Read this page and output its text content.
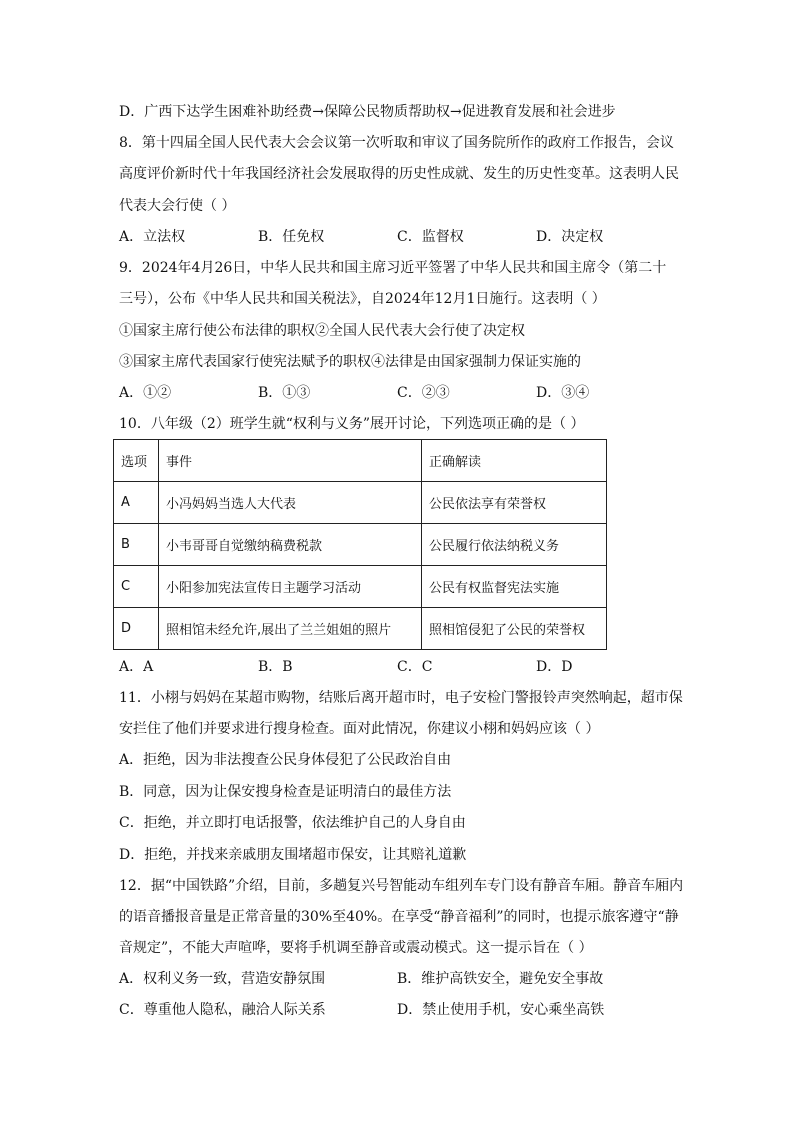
D．广西下达学生困难补助经费→保障公民物质帮助权→促进教育发展和社会进步
8．第十四届全国人民代表大会会议第一次听取和审议了国务院所作的政府工作报告，会议
高度评价新时代十年我国经济社会发展取得的历史性成就、发生的历史性变革。这表明人民
代表大会行使（ ）
A．立法权	B．任免权	C．监督权	D．决定权
9．2024年4月26日，中华人民共和国主席习近平签署了中华人民共和国主席令（第二十
三号），公布《中华人民共和国关税法》，自2024年12月1日施行。这表明（ ）
①国家主席行使公布法律的职权②全国人民代表大会行使了决定权
③国家主席代表国家行使宪法赋予的职权④法律是由国家强制力保证实施的
A．①②	B．①③	C．②③	D．③④
10．八年级（2）班学生就“权利与义务”展开讨论，下列选项正确的是（ ）
选项	事件	正确解读
A	小冯妈妈当选人大代表	公民依法享有荣誉权
B	小韦哥哥自觉缴纳稿费税款	公民履行依法纳税义务
C	小阳参加宪法宣传日主题学习活动	公民有权监督宪法实施
D	照相馆未经允许,展出了兰兰姐姐的照片	照相馆侵犯了公民的荣誉权
A．A	B．B	C．C	D．D
11．小栩与妈妈在某超市购物，结账后离开超市时，电子安检门警报铃声突然响起，超市保
安拦住了他们并要求进行搜身检查。面对此情况，你建议小栩和妈妈应该（ ）
A．拒绝，因为非法搜查公民身体侵犯了公民政治自由
B．同意，因为让保安搜身检查是证明清白的最佳方法
C．拒绝，并立即打电话报警，依法维护自己的人身自由
D．拒绝，并找来亲戚朋友围堵超市保安，让其赔礼道歉
12．据“中国铁路”介绍，目前，多趟复兴号智能动车组列车专门设有静音车厢。静音车厢内
的语音播报音量是正常音量的30%至40%。在享受“静音福利”的同时，也提示旅客遵守“静
音规定”，不能大声喧哗，要将手机调至静音或震动模式。这一提示旨在（ ）
A．权利义务一致，营造安静氛围	B．维护高铁安全，避免安全事故
C．尊重他人隐私，融洽人际关系	D．禁止使用手机，安心乘坐高铁
